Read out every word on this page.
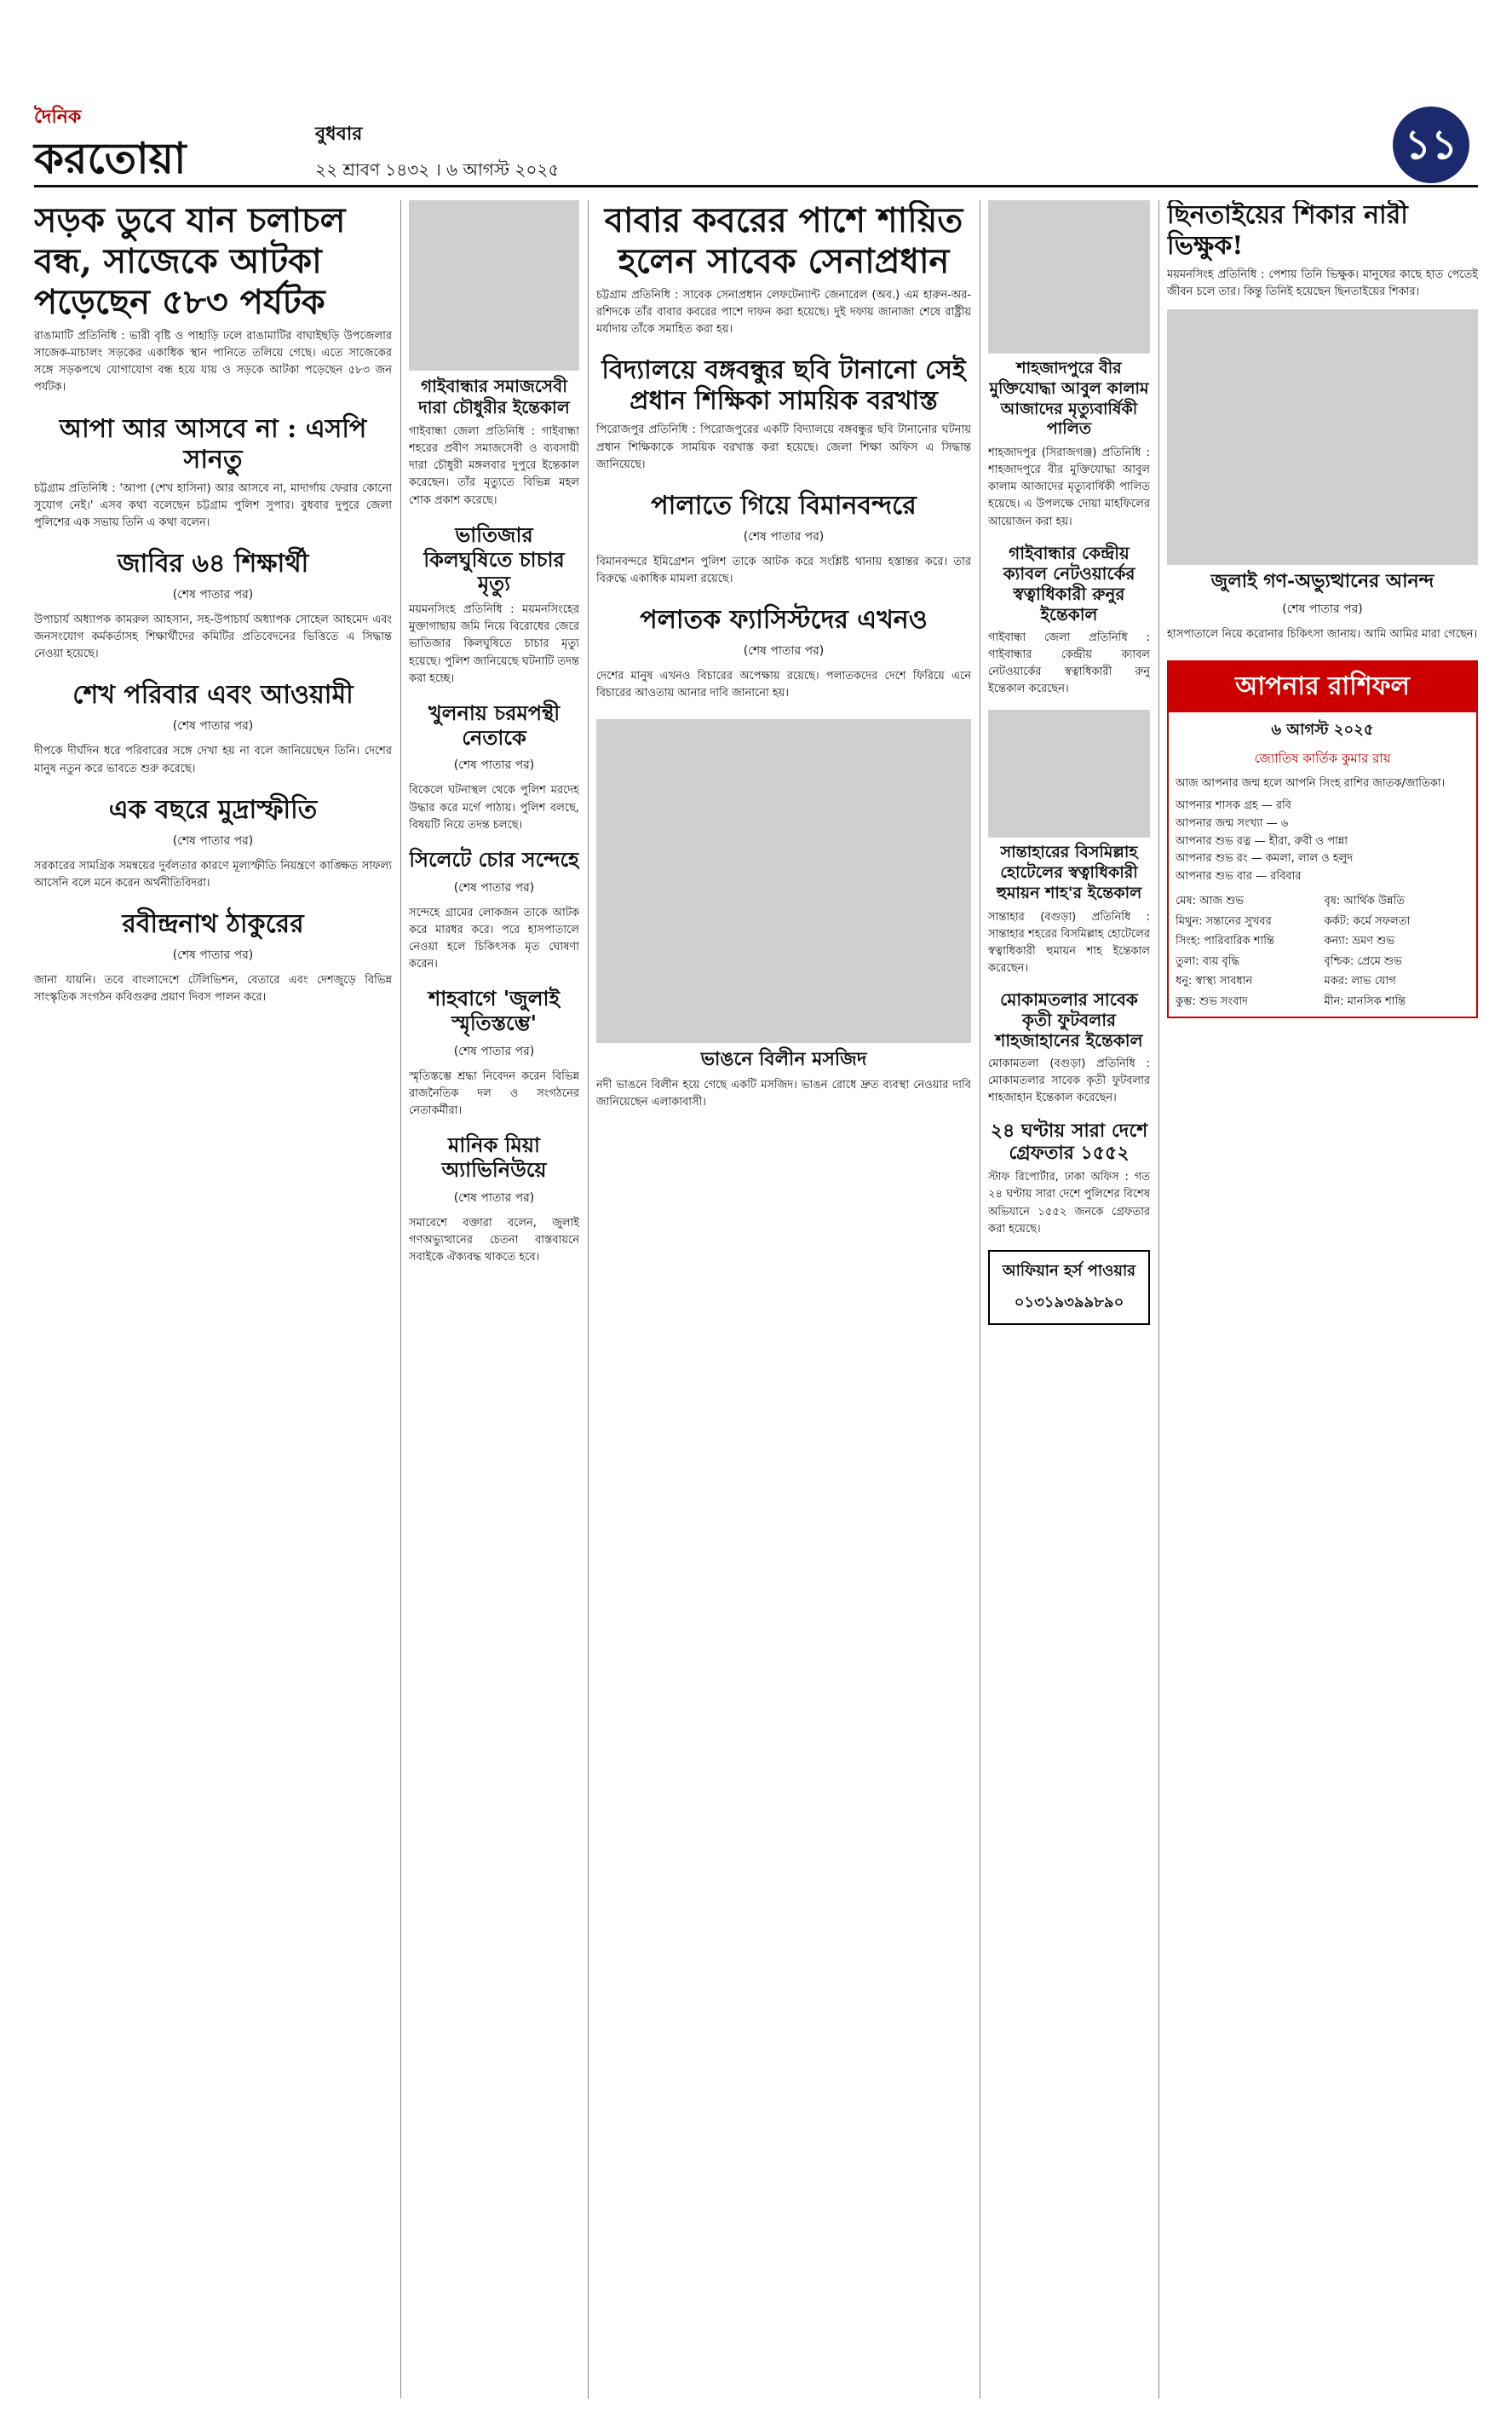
দৈনিক
করতোয়া	বুধবার
২২ শ্রাবণ ১৪৩২ । ৬ আগস্ট ২০২৫
১১
সড়ক ডুবে যান চলাচল বন্ধ, সাজেকে আটকা পড়েছেন ৫৮৩ পর্যটক

রাঙামাটি প্রতিনিধি : ভারী বৃষ্টি ও পাহাড়ি ঢলে রাঙামাটির বাঘাইছড়ি উপজেলার সাজেক-মাচালং সড়কের একাধিক স্থান পানিতে তলিয়ে গেছে। এতে সাজেকের সঙ্গে সড়কপথে যোগাযোগ বন্ধ হয়ে যায় ও সড়কে আটকা পড়েছেন ৫৮৩ জন পর্যটক।

আপা আর আসবে না : এসপি সানতু

চট্টগ্রাম প্রতিনিধি : 'আপা (শেখ হাসিনা) আর আসবে না, মাদার্গায় ফেরার কোনো সুযোগ নেই।' এসব কথা বলেছেন চট্টগ্রাম পুলিশ সুপার। বুধবার দুপুরে জেলা পুলিশের এক সভায় তিনি এ কথা বলেন।

জাবির ৬৪ শিক্ষার্থী
(শেষ পাতার পর)

উপাচার্য অধ্যাপক কামরুল আহসান, সহ-উপাচার্য অধ্যাপক সোহেল আহমেদ এবং জনসংযোগ কর্মকর্তাসহ শিক্ষার্থীদের কমিটির প্রতিবেদনের ভিত্তিতে এ সিদ্ধান্ত নেওয়া হয়েছে।

শেখ পরিবার এবং আওয়ামী
(শেষ পাতার পর)

দীপকে দীর্ঘদিন ধরে পরিবারের সঙ্গে দেখা হয় না বলে জানিয়েছেন তিনি। দেশের মানুষ নতুন করে ভাবতে শুরু করেছে।

এক বছরে মুদ্রাস্ফীতি
(শেষ পাতার পর)

সরকারের সামগ্রিক সমন্বয়ের দুর্বলতার কারণে মূল্যস্ফীতি নিয়ন্ত্রণে কাঙ্ক্ষিত সাফল্য আসেনি বলে মনে করেন অর্থনীতিবিদরা।

রবীন্দ্রনাথ ঠাকুরের
(শেষ পাতার পর)

জানা যায়নি। তবে বাংলাদেশে টেলিভিশন, বেতারে এবং দেশজুড়ে বিভিন্ন সাংস্কৃতিক সংগঠন কবিগুরুর প্রয়াণ দিবস পালন করে।

গাইবান্ধার সমাজসেবী দারা চৌধুরীর ইন্তেকাল

গাইবান্ধা জেলা প্রতিনিধি : গাইবান্ধা শহরের প্রবীণ সমাজসেবী ও ব্যবসায়ী দারা চৌধুরী মঙ্গলবার দুপুরে ইন্তেকাল করেছেন। তাঁর মৃত্যুতে বিভিন্ন মহল শোক প্রকাশ করেছে।

ভাতিজার কিলঘুষিতে চাচার মৃত্যু

ময়মনসিংহ প্রতিনিধি : ময়মনসিংহের মুক্তাগাছায় জমি নিয়ে বিরোধের জেরে ভাতিজার কিলঘুষিতে চাচার মৃত্যু হয়েছে। পুলিশ জানিয়েছে ঘটনাটি তদন্ত করা হচ্ছে।

খুলনায় চরমপন্থী নেতাকে
(শেষ পাতার পর)

বিকেলে ঘটনাস্থল থেকে পুলিশ মরদেহ উদ্ধার করে মর্গে পাঠায়। পুলিশ বলছে, বিষয়টি নিয়ে তদন্ত চলছে।

সিলেটে চোর সন্দেহে
(শেষ পাতার পর)

সন্দেহে গ্রামের লোকজন তাকে আটক করে মারধর করে। পরে হাসপাতালে নেওয়া হলে চিকিৎসক মৃত ঘোষণা করেন।

শাহবাগে 'জুলাই স্মৃতিস্তম্ভে'
(শেষ পাতার পর)

স্মৃতিস্তম্ভে শ্রদ্ধা নিবেদন করেন বিভিন্ন রাজনৈতিক দল ও সংগঠনের নেতাকর্মীরা।

মানিক মিয়া অ্যাভিনিউয়ে
(শেষ পাতার পর)

সমাবেশে বক্তারা বলেন, জুলাই গণঅভ্যুত্থানের চেতনা বাস্তবায়নে সবাইকে ঐক্যবদ্ধ থাকতে হবে।

বাবার কবরের পাশে শায়িত হলেন সাবেক সেনাপ্রধান

চট্টগ্রাম প্রতিনিধি : সাবেক সেনাপ্রধান লেফটেন্যান্ট জেনারেল (অব.) এম হারুন-অর-রশিদকে তাঁর বাবার কবরের পাশে দাফন করা হয়েছে। দুই দফায় জানাজা শেষে রাষ্ট্রীয় মর্যাদায় তাঁকে সমাহিত করা হয়।

বিদ্যালয়ে বঙ্গবন্ধুর ছবি টানানো সেই প্রধান শিক্ষিকা সাময়িক বরখাস্ত

পিরোজপুর প্রতিনিধি : পিরোজপুরের একটি বিদ্যালয়ে বঙ্গবন্ধুর ছবি টানানোর ঘটনায় প্রধান শিক্ষিকাকে সাময়িক বরখাস্ত করা হয়েছে। জেলা শিক্ষা অফিস এ সিদ্ধান্ত জানিয়েছে।

পালাতে গিয়ে বিমানবন্দরে
(শেষ পাতার পর)

বিমানবন্দরে ইমিগ্রেশন পুলিশ তাকে আটক করে সংশ্লিষ্ট থানায় হস্তান্তর করে। তার বিরুদ্ধে একাধিক মামলা রয়েছে।

পলাতক ফ্যাসিস্টদের এখনও
(শেষ পাতার পর)

দেশের মানুষ এখনও বিচারের অপেক্ষায় রয়েছে। পলাতকদের দেশে ফিরিয়ে এনে বিচারের আওতায় আনার দাবি জানানো হয়।

ভাঙনে বিলীন মসজিদ

নদী ভাঙনে বিলীন হয়ে গেছে একটি মসজিদ। ভাঙন রোধে দ্রুত ব্যবস্থা নেওয়ার দাবি জানিয়েছেন এলাকাবাসী।

শাহজাদপুরে বীর মুক্তিযোদ্ধা আবুল কালাম আজাদের মৃত্যুবার্ষিকী পালিত

শাহজাদপুর (সিরাজগঞ্জ) প্রতিনিধি : শাহজাদপুরে বীর মুক্তিযোদ্ধা আবুল কালাম আজাদের মৃত্যুবার্ষিকী পালিত হয়েছে। এ উপলক্ষে দোয়া মাহফিলের আয়োজন করা হয়।

গাইবান্ধার কেন্দ্রীয় ক্যাবল নেটওয়ার্কের স্বত্বাধিকারী রুনুর ইন্তেকাল

গাইবান্ধা জেলা প্রতিনিধি : গাইবান্ধার কেন্দ্রীয় ক্যাবল নেটওয়ার্কের স্বত্বাধিকারী রুনু ইন্তেকাল করেছেন।

সান্তাহারের বিসমিল্লাহ হোটেলের স্বত্বাধিকারী হুমায়ন শাহ'র ইন্তেকাল

সান্তাহার (বগুড়া) প্রতিনিধি : সান্তাহার শহরের বিসমিল্লাহ হোটেলের স্বত্বাধিকারী হুমায়ন শাহ ইন্তেকাল করেছেন।

মোকামতলার সাবেক কৃতী ফুটবলার শাহজাহানের ইন্তেকাল

মোকামতলা (বগুড়া) প্রতিনিধি : মোকামতলার সাবেক কৃতী ফুটবলার শাহজাহান ইন্তেকাল করেছেন।

২৪ ঘণ্টায় সারা দেশে গ্রেফতার ১৫৫২

স্টাফ রিপোর্টার, ঢাকা অফিস : গত ২৪ ঘণ্টায় সারা দেশে পুলিশের বিশেষ অভিযানে ১৫৫২ জনকে গ্রেফতার করা হয়েছে।

আফিয়ান হর্স পাওয়ার
০১৩১৯৩৯৯৮৯০
ছিনতাইয়ের শিকার নারী ভিক্ষুক!

ময়মনসিংহ প্রতিনিধি : পেশায় তিনি ভিক্ষুক। মানুষের কাছে হাত পেতেই জীবন চলে তার। কিন্তু তিনিই হয়েছেন ছিনতাইয়ের শিকার।

জুলাই গণ-অভ্যুত্থানের আনন্দ
(শেষ পাতার পর)

হাসপাতালে নিয়ে করোনার চিকিৎসা জানায়। আমি আমির মারা গেছেন।

আপনার রাশিফল
৬ আগস্ট ২০২৫
জ্যোতিষ কার্তিক কুমার রায়

আজ আপনার জন্ম হলে আপনি সিংহ রাশির জাতক/জাতিকা।

আপনার শাসক গ্রহ — রবি
আপনার জন্ম সংখ্যা — ৬
আপনার শুভ রত্ন — হীরা, রুবী ও পান্না
আপনার শুভ রং — কমলা, লাল ও হলুদ
আপনার শুভ বার — রবিবার
মেষ: আজ শুভ	বৃষ: আর্থিক উন্নতি
মিথুন: সন্তানের সুখবর	কর্কট: কর্মে সফলতা
সিংহ: পারিবারিক শান্তি	কন্যা: ভ্রমণ শুভ
তুলা: ব্যয় বৃদ্ধি	বৃশ্চিক: প্রেমে শুভ
ধনু: স্বাস্থ্য সাবধান	মকর: লাভ যোগ
কুম্ভ: শুভ সংবাদ	মীন: মানসিক শান্তি
